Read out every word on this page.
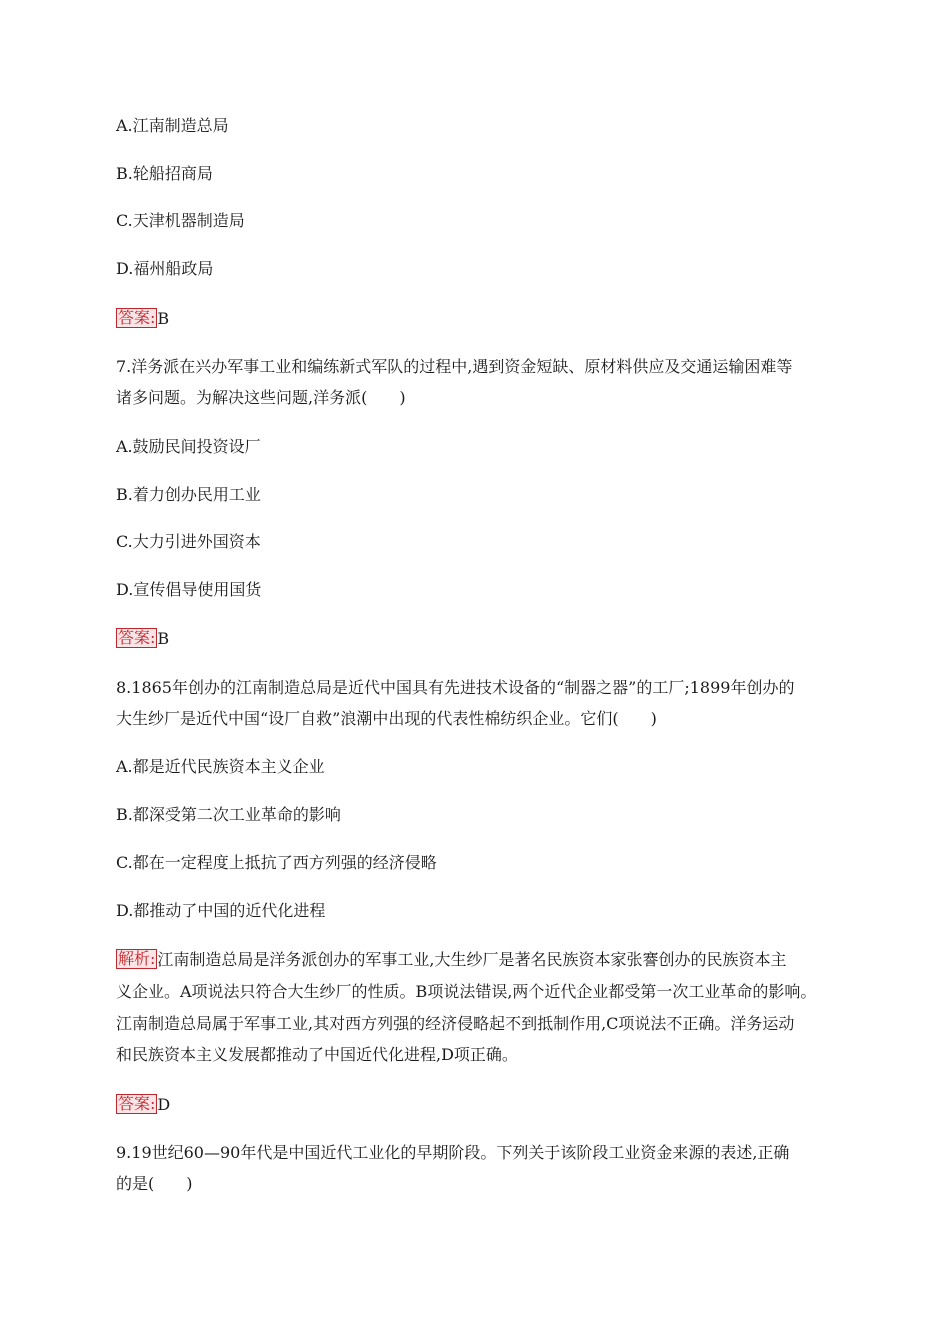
A.江南制造总局
B.轮船招商局
C.天津机器制造局
D.福州船政局
答案: B
7.洋务派在兴办军事工业和编练新式军队的过程中,遇到资金短缺、原材料供应及交通运输困难等
诸多问题。为解决这些问题,洋务派(　　)
A.鼓励民间投资设厂
B.着力创办民用工业
C.大力引进外国资本
D.宣传倡导使用国货
答案: B
8.1865年创办的江南制造总局是近代中国具有先进技术设备的“制器之器”的工厂;1899年创办的
大生纱厂是近代中国“设厂自救”浪潮中出现的代表性棉纺织企业。它们(　　)
A.都是近代民族资本主义企业
B.都深受第二次工业革命的影响
C.都在一定程度上抵抗了西方列强的经济侵略
D.都推动了中国的近代化进程
解析: 江南制造总局是洋务派创办的军事工业,大生纱厂是著名民族资本家张謇创办的民族资本主
义企业。A项说法只符合大生纱厂的性质。B项说法错误,两个近代企业都受第一次工业革命的影响。
江南制造总局属于军事工业,其对西方列强的经济侵略起不到抵制作用,C项说法不正确。洋务运动
和民族资本主义发展都推动了中国近代化进程,D项正确。
答案: D
9.19世纪60—90年代是中国近代工业化的早期阶段。下列关于该阶段工业资金来源的表述,正确
的是(　　)
